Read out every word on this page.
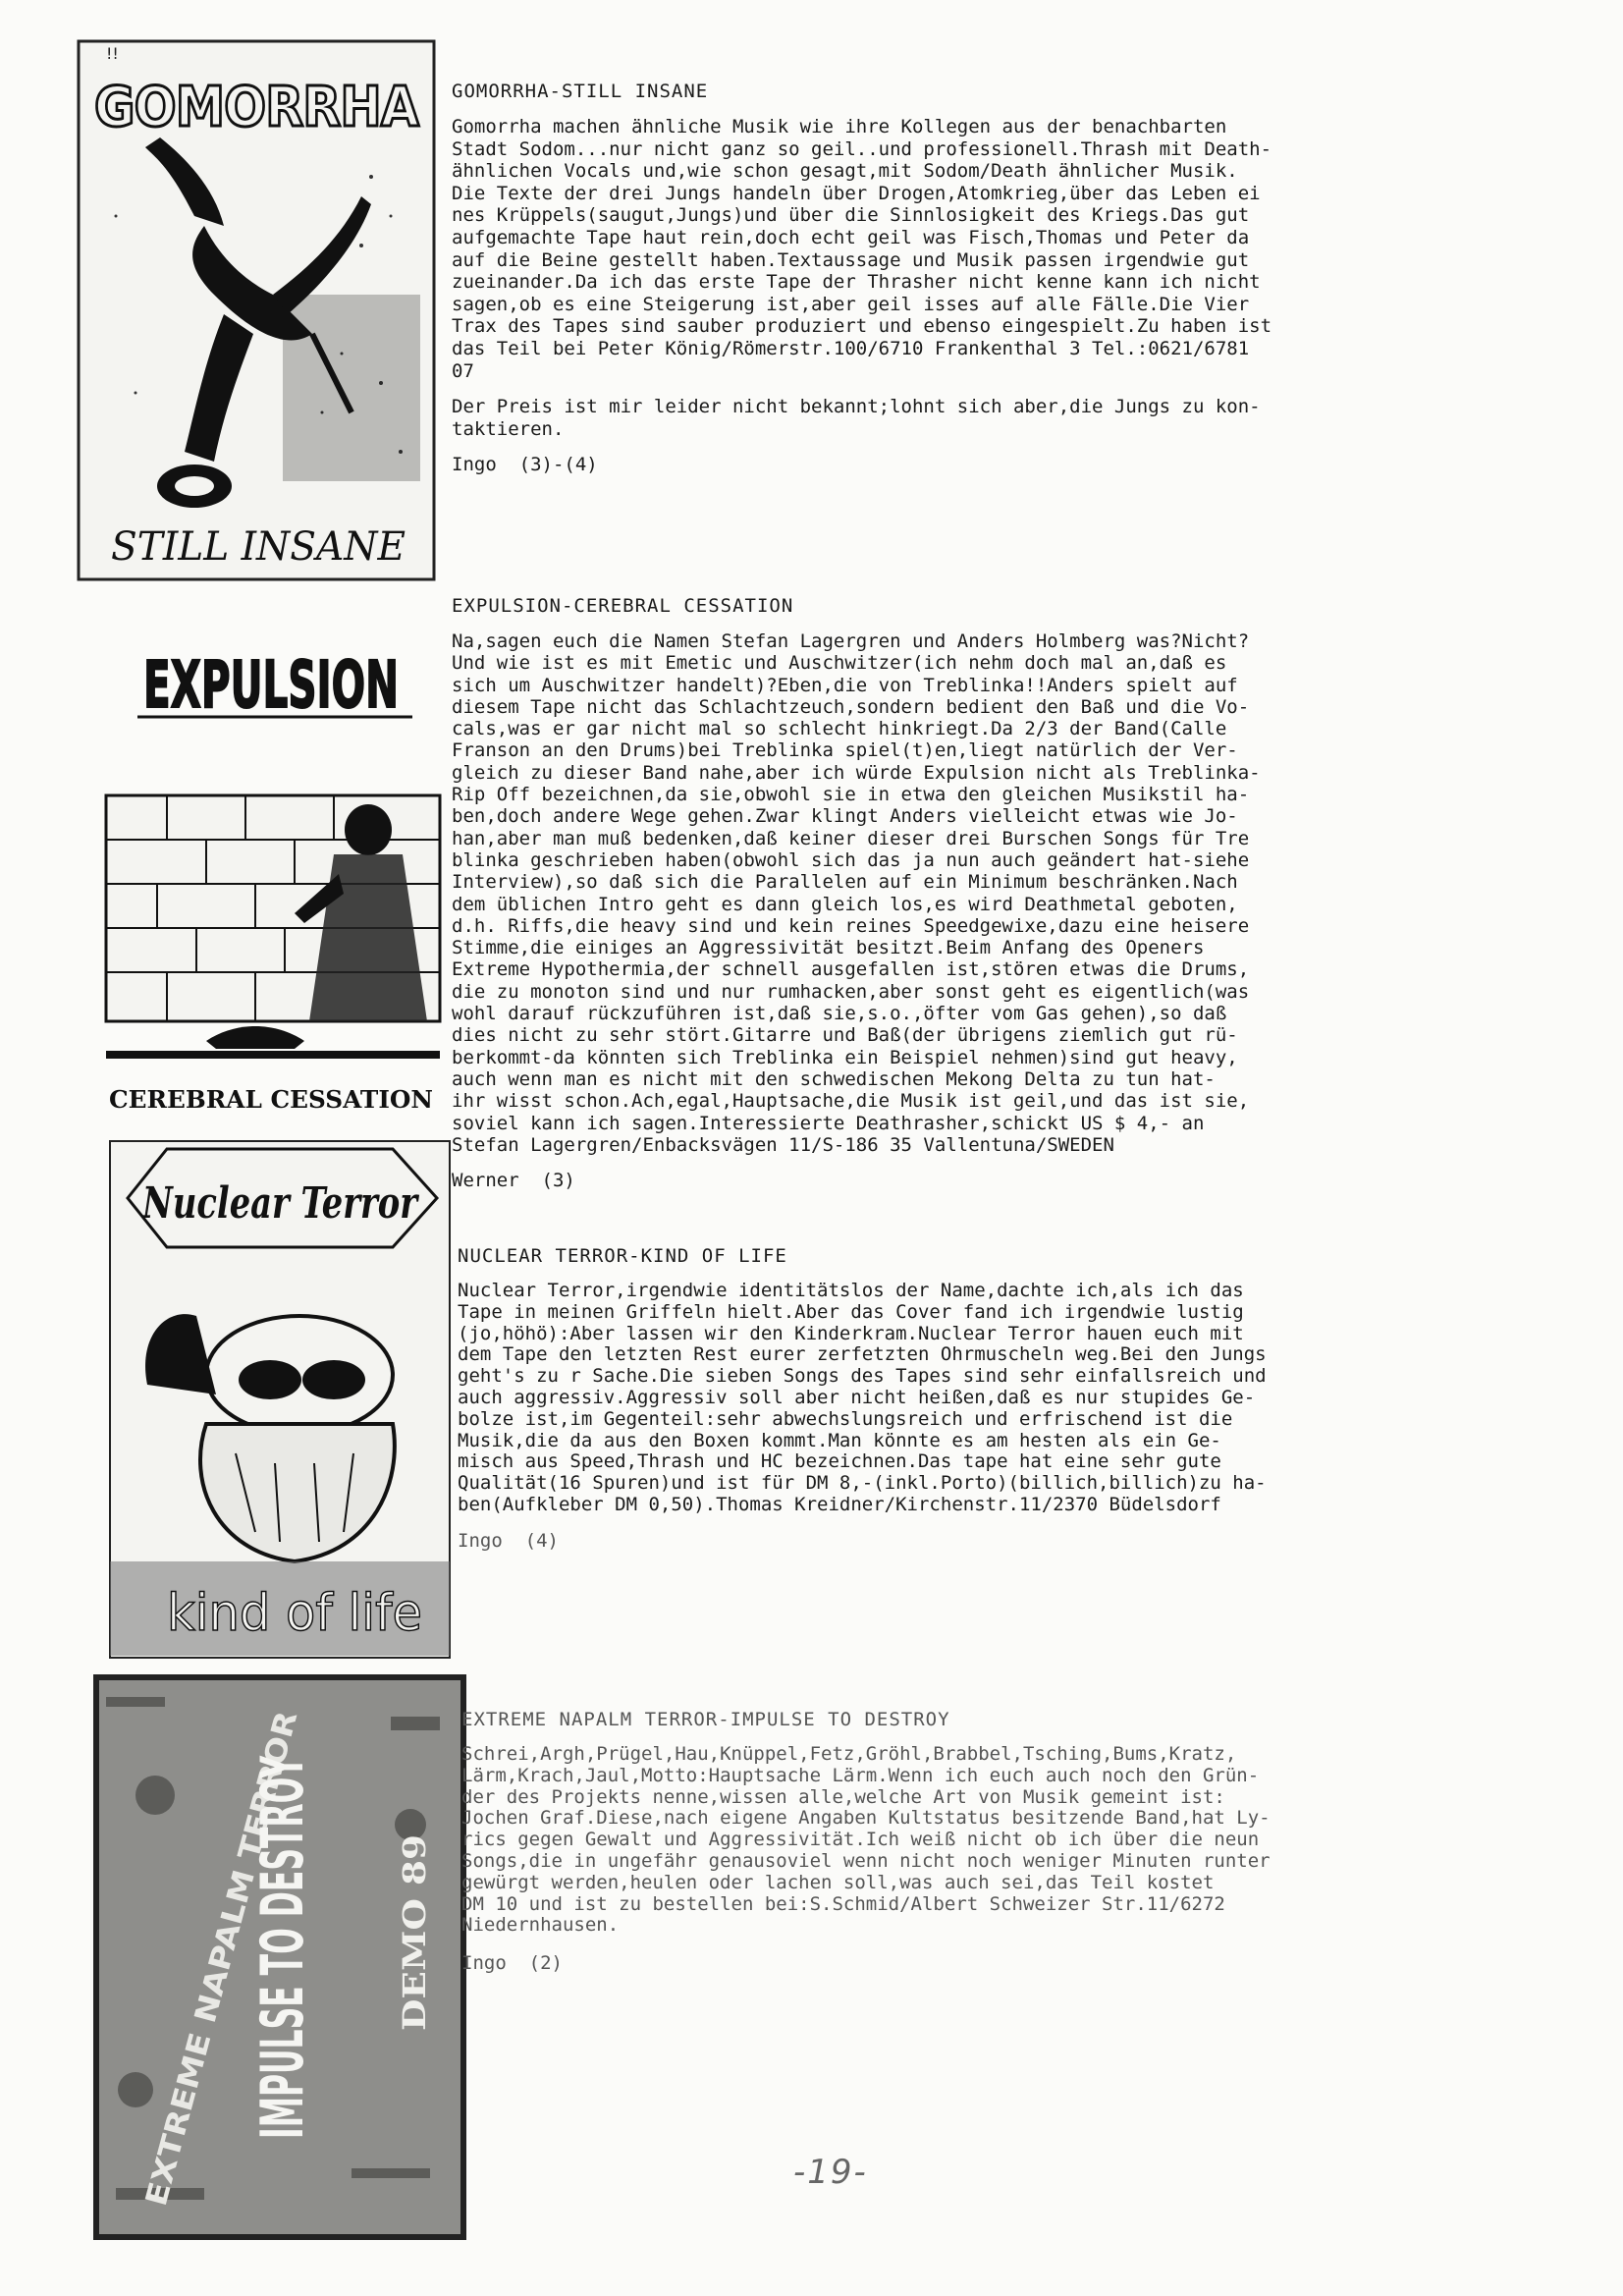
!!
GOMORRHA
STILL INSANE
EXPULSION
CEREBRAL CESSATION
Nuclear Terror
kind of life
EXTREME NAPALM TERROR
IMPULSE TO DESTROY	DEMO 89
GOMORRHA-STILL INSANE
Gomorrha machen ähnliche Musik wie ihre Kollegen aus der benachbarten
Stadt Sodom...nur nicht ganz so geil..und professionell.Thrash mit Death-
ähnlichen Vocals und,wie schon gesagt,mit Sodom/Death ähnlicher Musik.
Die Texte der drei Jungs handeln über Drogen,Atomkrieg,über das Leben ei
nes Krüppels(saugut,Jungs)und über die Sinnlosigkeit des Kriegs.Das gut
aufgemachte Tape haut rein,doch echt geil was Fisch,Thomas und Peter da
auf die Beine gestellt haben.Textaussage und Musik passen irgendwie gut
zueinander.Da ich das erste Tape der Thrasher nicht kenne kann ich nicht
sagen,ob es eine Steigerung ist,aber geil isses auf alle Fälle.Die Vier
Trax des Tapes sind sauber produziert und ebenso eingespielt.Zu haben ist
das Teil bei Peter König/Römerstr.100/6710 Frankenthal 3 Tel.:0621/6781
07
Der Preis ist mir leider nicht bekannt;lohnt sich aber,die Jungs zu kon-
taktieren.
Ingo  (3)-(4)
EXPULSION-CEREBRAL CESSATION
Na,sagen euch die Namen Stefan Lagergren und Anders Holmberg was?Nicht?
Und wie ist es mit Emetic und Auschwitzer(ich nehm doch mal an,daß es
sich um Auschwitzer handelt)?Eben,die von Treblinka!!Anders spielt auf
diesem Tape nicht das Schlachtzeuch,sondern bedient den Baß und die Vo-
cals,was er gar nicht mal so schlecht hinkriegt.Da 2/3 der Band(Calle
Franson an den Drums)bei Treblinka spiel(t)en,liegt natürlich der Ver-
gleich zu dieser Band nahe,aber ich würde Expulsion nicht als Treblinka-
Rip Off bezeichnen,da sie,obwohl sie in etwa den gleichen Musikstil ha-
ben,doch andere Wege gehen.Zwar klingt Anders vielleicht etwas wie Jo-
han,aber man muß bedenken,daß keiner dieser drei Burschen Songs für Tre
blinka geschrieben haben(obwohl sich das ja nun auch geändert hat-siehe
Interview),so daß sich die Parallelen auf ein Minimum beschränken.Nach
dem üblichen Intro geht es dann gleich los,es wird Deathmetal geboten,
d.h. Riffs,die heavy sind und kein reines Speedgewixe,dazu eine heisere
Stimme,die einiges an Aggressivität besitzt.Beim Anfang des Openers
Extreme Hypothermia,der schnell ausgefallen ist,stören etwas die Drums,
die zu monoton sind und nur rumhacken,aber sonst geht es eigentlich(was
wohl darauf rückzuführen ist,daß sie,s.o.,öfter vom Gas gehen),so daß
dies nicht zu sehr stört.Gitarre und Baß(der übrigens ziemlich gut rü-
berkommt-da könnten sich Treblinka ein Beispiel nehmen)sind gut heavy,
auch wenn man es nicht mit den schwedischen Mekong Delta zu tun hat-
ihr wisst schon.Ach,egal,Hauptsache,die Musik ist geil,und das ist sie,
soviel kann ich sagen.Interessierte Deathrasher,schickt US $ 4,- an
Stefan Lagergren/Enbacksvägen 11/S-186 35 Vallentuna/SWEDEN
Werner  (3)
NUCLEAR TERROR-KIND OF LIFE
Nuclear Terror,irgendwie identitätslos der Name,dachte ich,als ich das
Tape in meinen Griffeln hielt.Aber das Cover fand ich irgendwie lustig
(jo,höhö):Aber lassen wir den Kinderkram.Nuclear Terror hauen euch mit
dem Tape den letzten Rest eurer zerfetzten Ohrmuscheln weg.Bei den Jungs
geht's zu r Sache.Die sieben Songs des Tapes sind sehr einfallsreich und
auch aggressiv.Aggressiv soll aber nicht heißen,daß es nur stupides Ge-
bolze ist,im Gegenteil:sehr abwechslungsreich und erfrischend ist die
Musik,die da aus den Boxen kommt.Man könnte es am hesten als ein Ge-
misch aus Speed,Thrash und HC bezeichnen.Das tape hat eine sehr gute
Qualität(16 Spuren)und ist für DM 8,-(inkl.Porto)(billich,billich)zu ha-
ben(Aufkleber DM 0,50).Thomas Kreidner/Kirchenstr.11/2370 Büdelsdorf
Ingo  (4)
EXTREME NAPALM TERROR-IMPULSE TO DESTROY
Schrei,Argh,Prügel,Hau,Knüppel,Fetz,Gröhl,Brabbel,Tsching,Bums,Kratz,
Lärm,Krach,Jaul,Motto:Hauptsache Lärm.Wenn ich euch auch noch den Grün-
der des Projekts nenne,wissen alle,welche Art von Musik gemeint ist:
Jochen Graf.Diese,nach eigene Angaben Kultstatus besitzende Band,hat Ly-
rics gegen Gewalt und Aggressivität.Ich weiß nicht ob ich über die neun
Songs,die in ungefähr genausoviel wenn nicht noch weniger Minuten runter
gewürgt werden,heulen oder lachen soll,was auch sei,das Teil kostet
DM 10 und ist zu bestellen bei:S.Schmid/Albert Schweizer Str.11/6272
Niedernhausen.
Ingo  (2)
-19-
